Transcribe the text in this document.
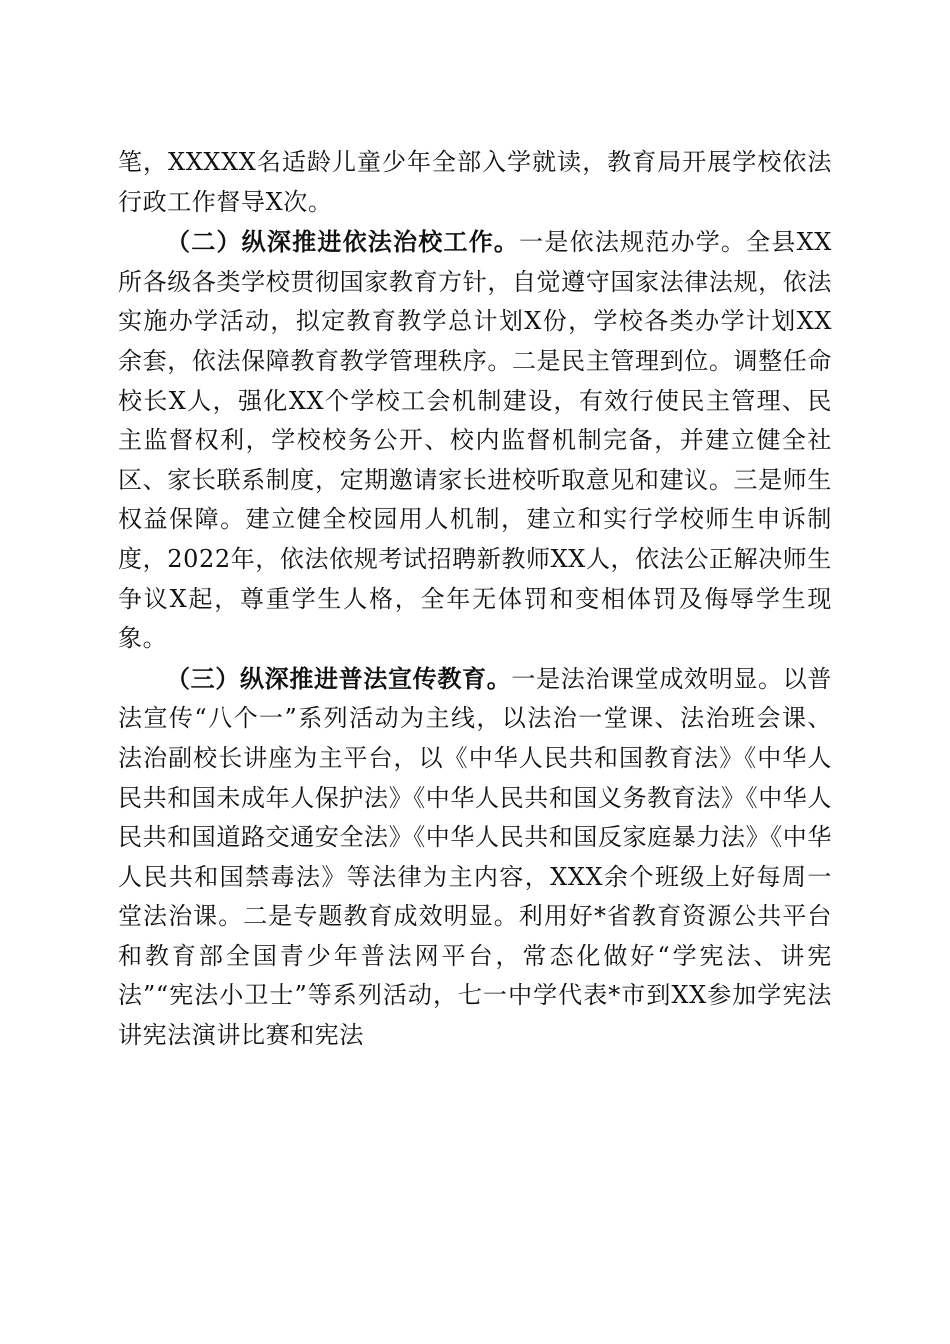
笔，XXXXX名适龄儿童少年全部入学就读，教育局开展学校依法行政工作督导X次。

（二）纵深推进依法治校工作。一是依法规范办学。全县XX所各级各类学校贯彻国家教育方针，自觉遵守国家法律法规，依法实施办学活动，拟定教育教学总计划X份，学校各类办学计划XX余套，依法保障教育教学管理秩序。二是民主管理到位。调整任命校长X人，强化XX个学校工会机制建设，有效行使民主管理、民主监督权利，学校校务公开、校内监督机制完备，并建立健全社区、家长联系制度，定期邀请家长进校听取意见和建议。三是师生权益保障。建立健全校园用人机制，建立和实行学校师生申诉制度，2022年，依法依规考试招聘新教师XX人，依法公正解决师生争议X起，尊重学生人格，全年无体罚和变相体罚及侮辱学生现象。

（三）纵深推进普法宣传教育。一是法治课堂成效明显。以普法宣传“八个一”系列活动为主线，以法治一堂课、法治班会课、法治副校长讲座为主平台，以《中华人民共和国教育法》《中华人民共和国未成年人保护法》《中华人民共和国义务教育法》《中华人民共和国道路交通安全法》《中华人民共和国反家庭暴力法》《中华人民共和国禁毒法》等法律为主内容，XXX余个班级上好每周一堂法治课。二是专题教育成效明显。利用好*省教育资源公共平台和教育部全国青少年普法网平台，常态化做好“学宪法、讲宪法”“宪法小卫士”等系列活动，七一中学代表*市到XX参加学宪法讲宪法演讲比赛和宪法
